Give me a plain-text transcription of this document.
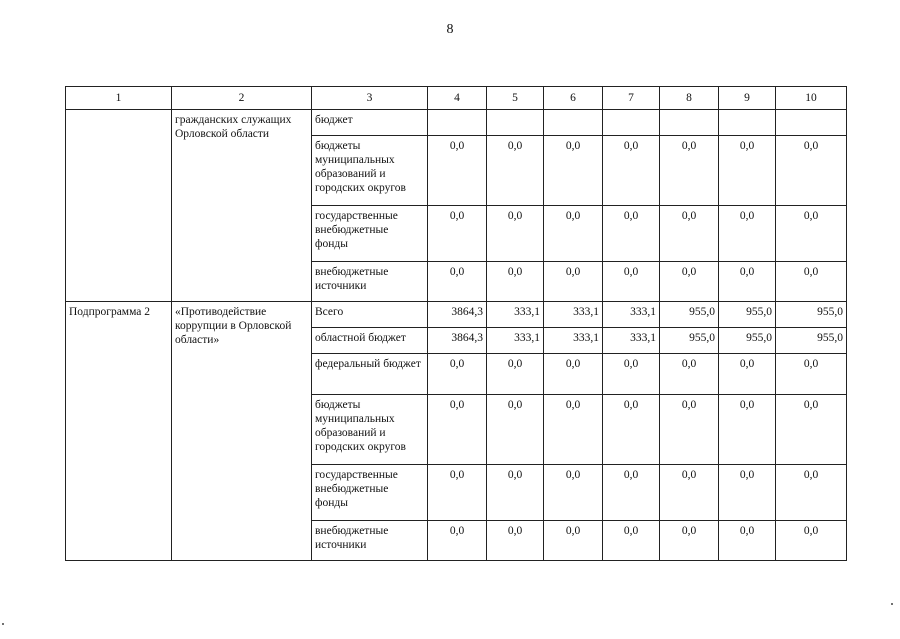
8
1	2	3	4	5	6	7	8	9	10
	гражданских служащих Орловской области	бюджет							
		бюджеты муниципальных образований и городских округов	0,0	0,0	0,0	0,0	0,0	0,0	0,0
		государственные внебюджетные фонды	0,0	0,0	0,0	0,0	0,0	0,0	0,0
		внебюджетные источники	0,0	0,0	0,0	0,0	0,0	0,0	0,0
Подпрограмма 2	«Противодействие коррупции в Орловской области»	Всего	3864,3	333,1	333,1	333,1	955,0	955,0	955,0
		областной бюджет	3864,3	333,1	333,1	333,1	955,0	955,0	955,0
		федеральный бюджет	0,0	0,0	0,0	0,0	0,0	0,0	0,0
		бюджеты муниципальных образований и городских округов	0,0	0,0	0,0	0,0	0,0	0,0	0,0
		государственные внебюджетные фонды	0,0	0,0	0,0	0,0	0,0	0,0	0,0
		внебюджетные источники	0,0	0,0	0,0	0,0	0,0	0,0	0,0
